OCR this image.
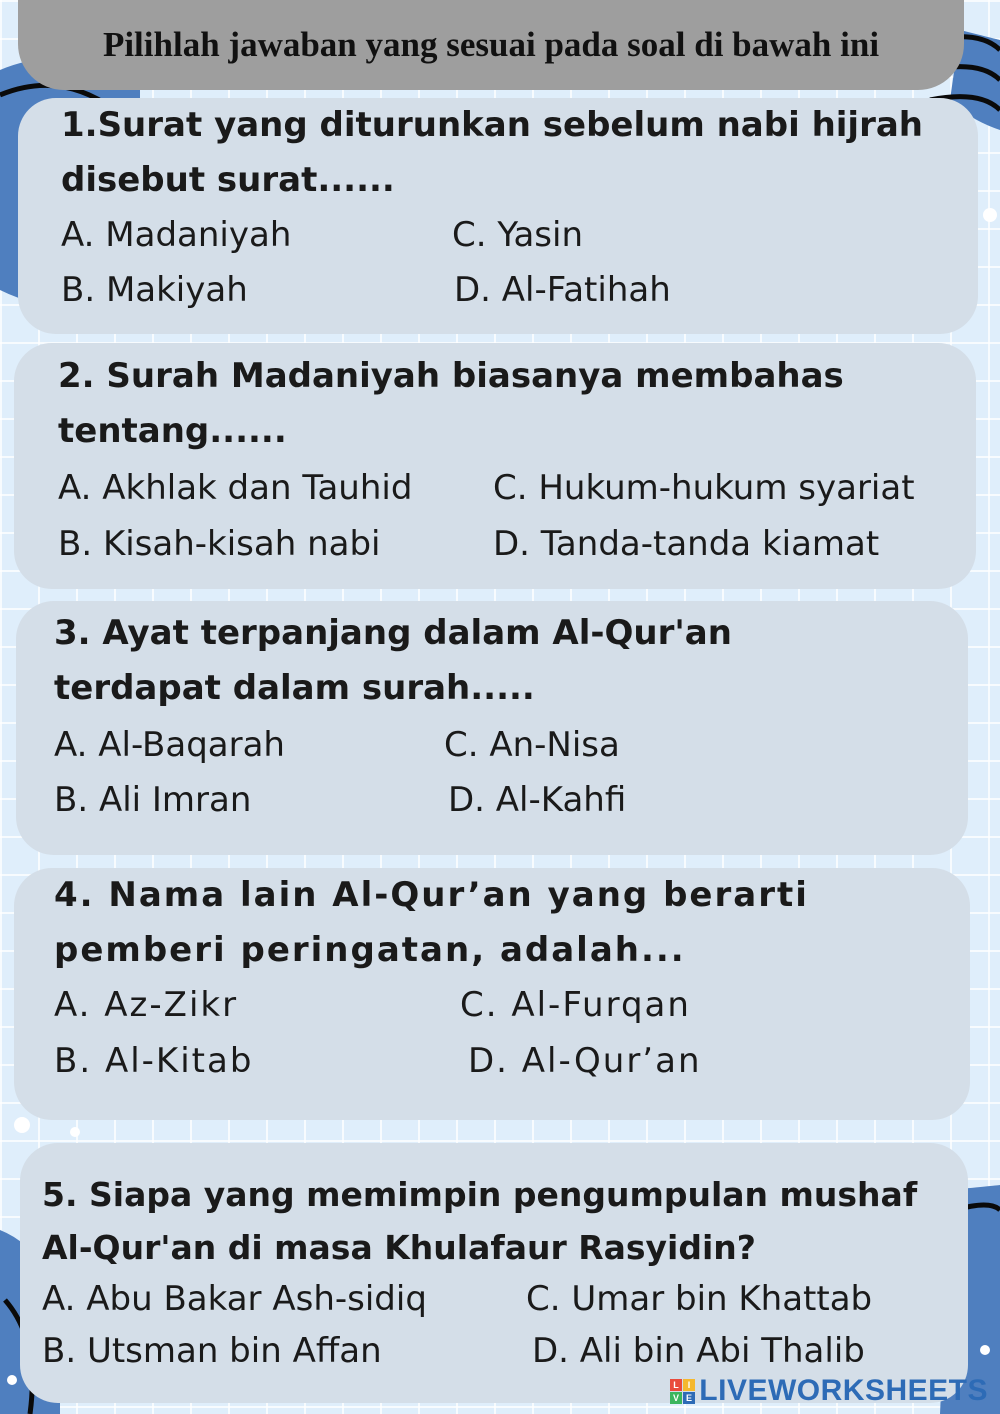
Pilihlah jawaban yang sesuai pada soal di bawah ini

1.Surat yang diturunkan sebelum nabi hijrah

disebut surat......

A. Madaniyah
B. Makiyah
C. Yasin
D. Al-Fatihah

2. Surah Madaniyah biasanya membahas

tentang......

A. Akhlak dan Tauhid
B. Kisah-kisah nabi
C. Hukum-hukum syariat
D. Tanda-tanda kiamat

3. Ayat terpanjang dalam Al-Qur'an

terdapat dalam surah.....

A. Al-Baqarah
B. Ali Imran
C. An-Nisa
D. Al-Kahfi

4. Nama lain Al-Qur’an yang berarti

pemberi peringatan, adalah...

A. Az-Zikr
B. Al-Kitab
C. Al-Furqan
D. Al-Qur’an

5. Siapa yang memimpin pengumpulan mushaf

Al-Qur'an di masa Khulafaur Rasyidin?

A. Abu Bakar Ash-sidiq
B. Utsman bin Affan
C. Umar bin Khattab
D. Ali bin Abi Thalib
L I
V E LIVEWORKSHEETS
